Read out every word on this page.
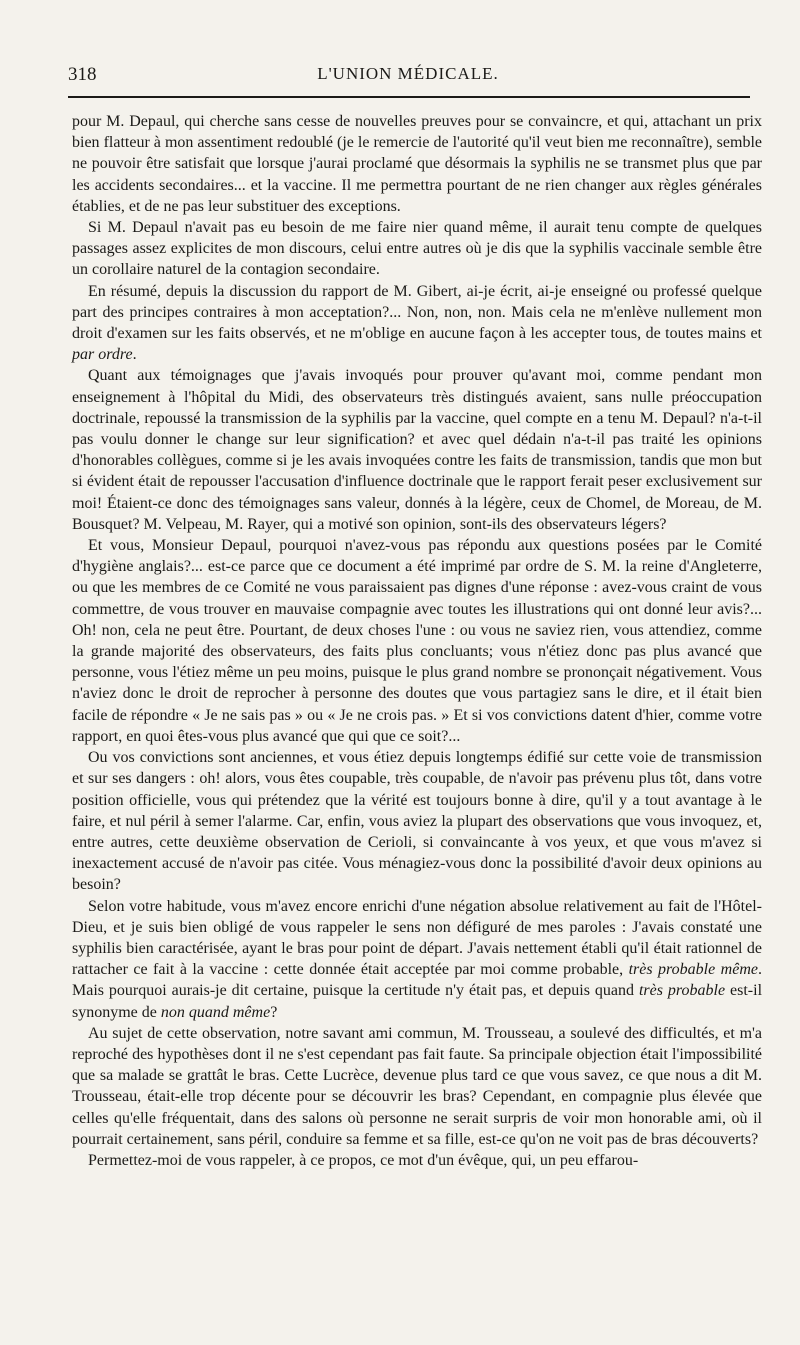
318	L'UNION MÉDICALE.

pour M. Depaul, qui cherche sans cesse de nouvelles preuves pour se convaincre, et qui, attachant un prix bien flatteur à mon assentiment redoublé (je le remercie de l'autorité qu'il veut bien me reconnaître), semble ne pouvoir être satisfait que lorsque j'aurai proclamé que désormais la syphilis ne se transmet plus que par les accidents secondaires... et la vaccine. Il me permettra pourtant de ne rien changer aux règles générales établies, et de ne pas leur substituer des exceptions.

Si M. Depaul n'avait pas eu besoin de me faire nier quand même, il aurait tenu compte de quelques passages assez explicites de mon discours, celui entre autres où je dis que la syphilis vaccinale semble être un corollaire naturel de la contagion secondaire.

En résumé, depuis la discussion du rapport de M. Gibert, ai-je écrit, ai-je enseigné ou professé quelque part des principes contraires à mon acceptation?... Non, non, non. Mais cela ne m'enlève nullement mon droit d'examen sur les faits observés, et ne m'oblige en aucune façon à les accepter tous, de toutes mains et par ordre.

Quant aux témoignages que j'avais invoqués pour prouver qu'avant moi, comme pendant mon enseignement à l'hôpital du Midi, des observateurs très distingués avaient, sans nulle préoccupation doctrinale, repoussé la transmission de la syphilis par la vaccine, quel compte en a tenu M. Depaul? n'a-t-il pas voulu donner le change sur leur signification? et avec quel dédain n'a-t-il pas traité les opinions d'honorables collègues, comme si je les avais invoquées contre les faits de transmission, tandis que mon but si évident était de repousser l'accusation d'influence doctrinale que le rapport ferait peser exclusivement sur moi! Étaient-ce donc des témoignages sans valeur, donnés à la légère, ceux de Chomel, de Moreau, de M. Bousquet? M. Velpeau, M. Rayer, qui a motivé son opinion, sont-ils des observateurs légers?

Et vous, Monsieur Depaul, pourquoi n'avez-vous pas répondu aux questions posées par le Comité d'hygiène anglais?... est-ce parce que ce document a été imprimé par ordre de S. M. la reine d'Angleterre, ou que les membres de ce Comité ne vous paraissaient pas dignes d'une réponse : avez-vous craint de vous commettre, de vous trouver en mauvaise compagnie avec toutes les illustrations qui ont donné leur avis?... Oh! non, cela ne peut être. Pourtant, de deux choses l'une : ou vous ne saviez rien, vous attendiez, comme la grande majorité des observateurs, des faits plus concluants; vous n'étiez donc pas plus avancé que personne, vous l'étiez même un peu moins, puisque le plus grand nombre se prononçait négativement. Vous n'aviez donc le droit de reprocher à personne des doutes que vous partagiez sans le dire, et il était bien facile de répondre « Je ne sais pas » ou « Je ne crois pas. » Et si vos convictions datent d'hier, comme votre rapport, en quoi êtes-vous plus avancé que qui que ce soit?...

Ou vos convictions sont anciennes, et vous étiez depuis longtemps édifié sur cette voie de transmission et sur ses dangers : oh! alors, vous êtes coupable, très coupable, de n'avoir pas prévenu plus tôt, dans votre position officielle, vous qui prétendez que la vérité est toujours bonne à dire, qu'il y a tout avantage à le faire, et nul péril à semer l'alarme. Car, enfin, vous aviez la plupart des observations que vous invoquez, et, entre autres, cette deuxième observation de Cerioli, si convaincante à vos yeux, et que vous m'avez si inexactement accusé de n'avoir pas citée. Vous ménagiez-vous donc la possibilité d'avoir deux opinions au besoin?

Selon votre habitude, vous m'avez encore enrichi d'une négation absolue relativement au fait de l'Hôtel-Dieu, et je suis bien obligé de vous rappeler le sens non défiguré de mes paroles : J'avais constaté une syphilis bien caractérisée, ayant le bras pour point de départ. J'avais nettement établi qu'il était rationnel de rattacher ce fait à la vaccine : cette donnée était acceptée par moi comme probable, très probable même. Mais pourquoi aurais-je dit certaine, puisque la certitude n'y était pas, et depuis quand très probable est-il synonyme de non quand même?

Au sujet de cette observation, notre savant ami commun, M. Trousseau, a soulevé des difficultés, et m'a reproché des hypothèses dont il ne s'est cependant pas fait faute. Sa principale objection était l'impossibilité que sa malade se grattât le bras. Cette Lucrèce, devenue plus tard ce que vous savez, ce que nous a dit M. Trousseau, était-elle trop décente pour se découvrir les bras? Cependant, en compagnie plus élevée que celles qu'elle fréquentait, dans des salons où personne ne serait surpris de voir mon honorable ami, où il pourrait certainement, sans péril, conduire sa femme et sa fille, est-ce qu'on ne voit pas de bras découverts?

Permettez-moi de vous rappeler, à ce propos, ce mot d'un évêque, qui, un peu effarou-
